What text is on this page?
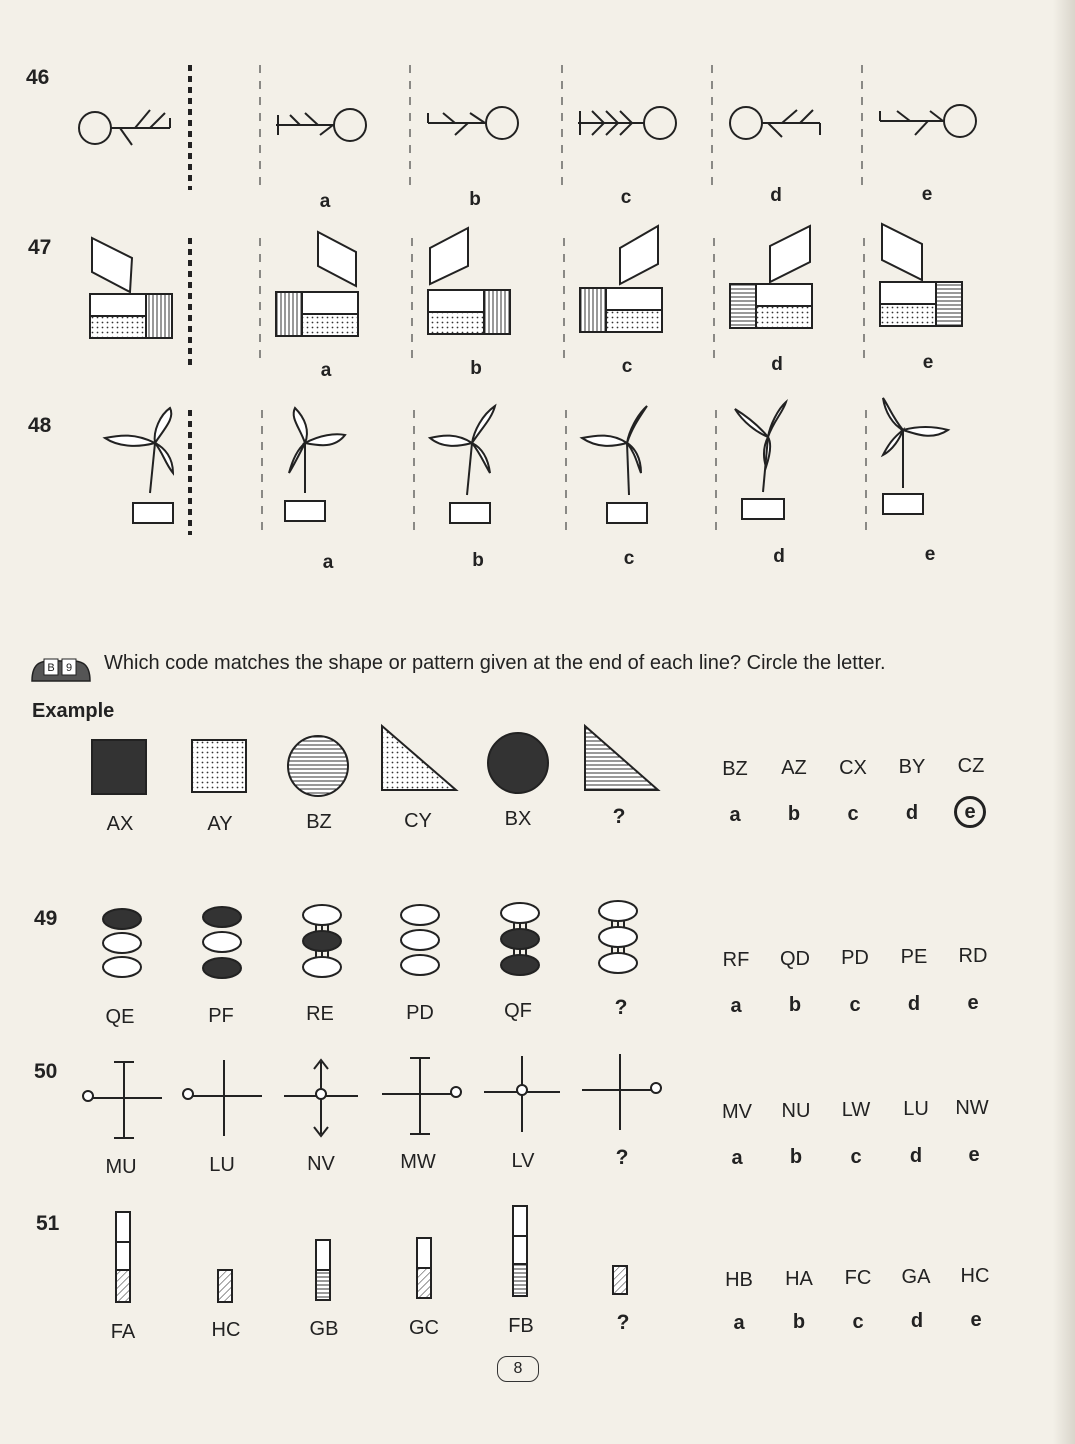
46
a	b	c	d	e
47
a	b	c	d	e
48
a	b	c	d	e
B 9 Which code matches the shape or pattern given at the end of each line? Circle the letter.
Example
AX	AY	BZ	CY	BX	?
BZ	AZ	CX	BY	CZ
a	b	c	d	e
49
QE	PF	RE	PD	QF	?
RF	QD	PD	PE	RD
a	b	c	d	e
50
MU	LU	NV	MW	LV	?
MV NU LW	LU	NW
a	b	c	d	e
51
FA	HC	GB	GC	FB	?
HB	HA	FC	GA HC
a	b	c	d	e
8
